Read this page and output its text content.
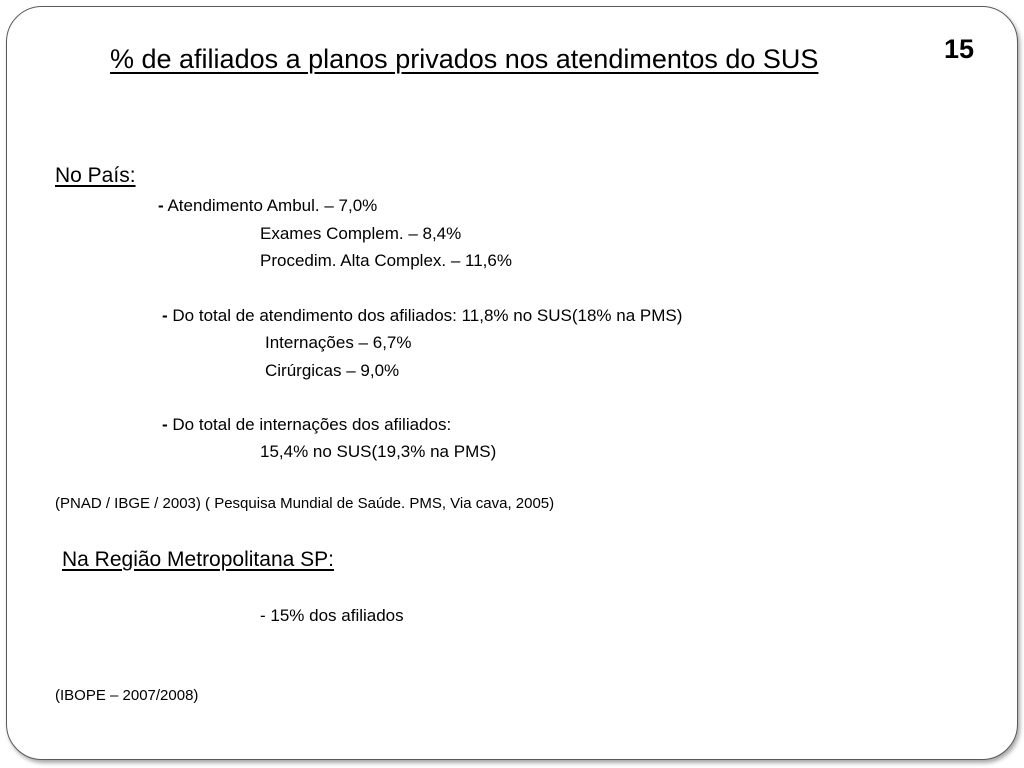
% de afiliados a planos privados nos atendimentos do SUS	15
No País:
- Atendimento Ambul. – 7,0%
Exames Complem. – 8,4%
Procedim. Alta Complex. – 11,6%
- Do total de atendimento dos afiliados: 11,8% no SUS(18% na PMS)
Internações – 6,7%
Cirúrgicas – 9,0%
- Do total de internações dos afiliados:
15,4% no SUS(19,3% na PMS)
(PNAD / IBGE / 2003) ( Pesquisa Mundial de Saúde. PMS, Via cava, 2005)
Na Região Metropolitana SP:
- 15% dos afiliados
(IBOPE – 2007/2008)
